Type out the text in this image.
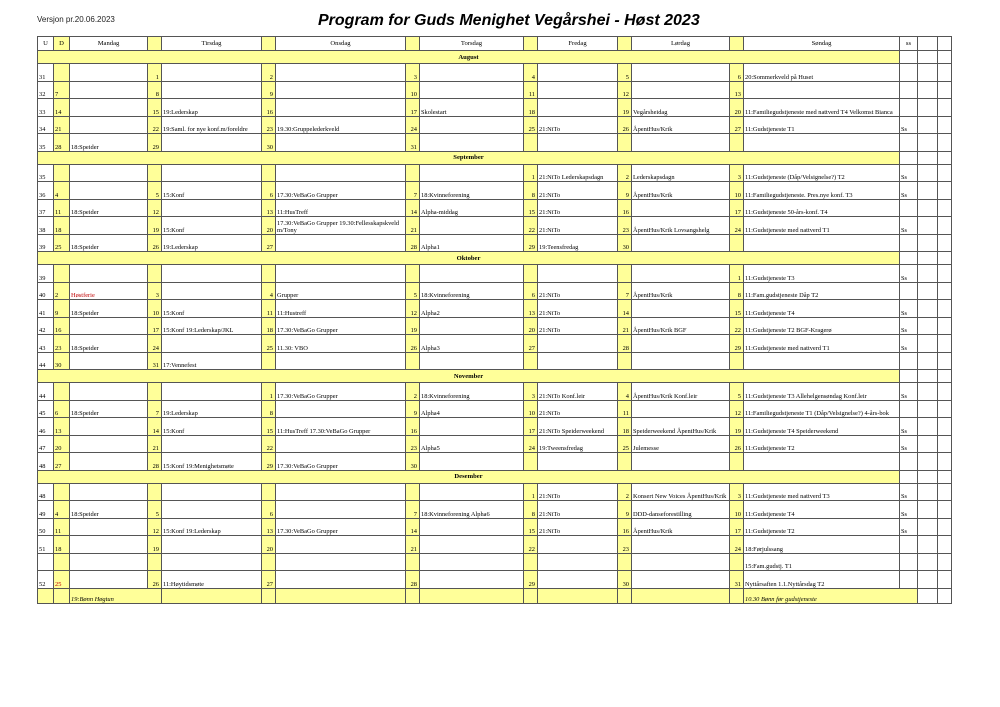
Versjon pr.20.06.2023	Program for Guds Menighet Vegårshei - Høst 2023
U	D	Mandag		Tirsdag		Onsdag		Torsdag		Fredag		Lørdag		Søndag	ss		
August																	
31			1		2		3		4		5		6	20:Sommerkveld på Huset			
32	7		8		9		10		11		12		13				
33	14		15	19:Lederskap	16		17	Skolestart	18		19	Vegårsheidag	20	11:Familiegudstjeneste med nattverd T4 Velkomst Bianca			
34	21		22	19:Saml. for nye konf.m/foreldre	23	19.30:Gruppelederkveld	24		25	21:NiTo	26	ÅpentHus/Krik	27	11:Gudstjeneste T1	Ss		
35	28	18:Speider	29		30		31										
September																	
35									1	21:NiTo Lederskapsdagn	2	Lederskapsdagn	3	11:Gudstjeneste (Dåp/Velsignelse?) T2	Ss		
36	4		5	15:Konf	6	17.30:VeBaGo Grupper	7	18:Kvinneforening	8	21:NiTo	9	ÅpentHus/Krik	10	11:Familiegudstjeneste. Pres.nye konf. T3	Ss		
37	11	18:Speider	12		13	11:HusTreff	14	Alpha-middag	15	21:NiTo	16		17	11:Gudstjeneste 50-års-konf. T4			
38	18		19	15:Konf	20	17.30:VeBaGo Grupper 19.30:Fellesskapskveld m/Tony	21		22	21:NiTo	23	ÅpentHus/Krik Lovsangshelg	24	11:Gudstjeneste med nattverd T1	Ss		
39	25	18:Speider	26	19:Lederskap	27		28	Alpha1	29	19:Teensfredag	30						
Oktober																	
39													1	11:Gudstjeneste T3	Ss		
40	2	Høstferie	3		4	Grupper	5	18:Kvinneforening	6	21:NiTo	7	ÅpentHus/Krik	8	11:Fam.gudstjeneste Dåp T2			
41	9	18:Speider	10	15:Konf	11	11:Hustreff	12	Alpha2	13	21:NiTo	14		15	11:Gudstjeneste T4	Ss		
42	16		17	15:Konf 19:Lederskap/JKL	18	17.30:VeBaGo Grupper	19		20	21:NiTo	21	ÅpentHus/Krik BGF	22	11:Gudstjeneste T2 BGF-Kragerø	Ss		
43	23	18:Speider	24		25	11.30: VBO	26	Alpha3	27		28		29	11:Gudstjeneste med nattverd T1	Ss		
44	30		31	17:Vennefest													
November																	
44					1	17.30:VeBaGo Grupper	2	18:Kvinneforening	3	21:NiTo Konf.leir	4	ÅpentHus/Krik Konf.leir	5	11:Gudstjeneste T3 Allehelgensøndag Konf.leir	Ss		
45	6	18:Speider	7	19:Lederskap	8		9	Alpha4	10	21:NiTo	11		12	11:Familiegudstjeneste T1 (Dåp/Velsignelse?) 4-års-bok			
46	13		14	15:Konf	15	11:HusTreff 17.30:VeBaGo Grupper	16		17	21:NiTo Speiderweekend	18	Speiderweekend ÅpentHus/Krik	19	11:Gudstjeneste T4 Speiderweekend	Ss		
47	20		21		22		23	Alpha5	24	19:Tweensfredag	25	Julemesse	26	11:Gudstjeneste T2	Ss		
48	27		28	15:Konf 19:Menighetsmøte	29	17.30:VeBaGo Grupper	30										
Desember																	
48									1	21:NiTo	2	Konsert New Voices ÅpentHus/Krik	3	11:Gudstjeneste med nattverd T3	Ss		
49	4	18:Speider	5		6		7	18:Kvinneforening Alpha6	8	21:NiTo	9	DDD-danseforestilling	10	11:Gudstjeneste T4	Ss		
50	11		12	15:Konf 19:Lederskap	13	17.30:VeBaGo Grupper	14		15	21:NiTo	16	ÅpentHus/Krik	17	11:Gudstjeneste T2	Ss		
51	18		19		20		21		22		23		24	18:Førjulssang			
														15:Fam.gudstj. T1			
52	25		26	11:Høytidsmøte	27		28		29		30		31	Nyttårsaften 1.1.Nyttårsdag T2			
		19:Bønn Høgtun												10.30 Bønn før gudstjeneste			
